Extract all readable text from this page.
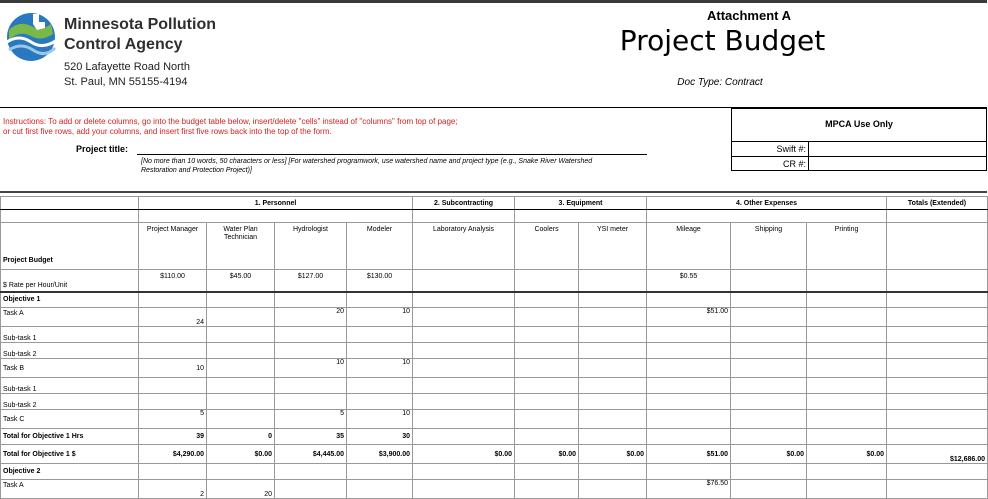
Minnesota Pollution
Control Agency
520 Lafayette Road North
St. Paul, MN 55155-4194
Attachment A
Project Budget
Doc Type: Contract
Instructions: To add or delete columns, go into the budget table below, insert/delete "cells" instead of "columns" from top of page;
or cut first five rows, add your columns, and insert first five rows back into the top of the form.
MPCA Use Only
Swift #:
CR #:
Project title:
[No more than 10 words, 50 characters or less] [For watershed programwork, use watershed name and project type (e.g., Snake River Watershed
Restoration and Protection Project)]
	1. Personnel				2. Subcontracting	3. Equipment		4. Other Expenses			Totals (Extended)

Project Budget	Project Manager	Water Plan Technician	Hydrologist	Modeler	Laboratory Analysis	Coolers	YSI meter	Mileage	Shipping	Printing	
$ Rate per Hour/Unit	$110.00	$45.00	$127.00	$130.00				$0.55			
Objective 1											
Task A	24		20	10				$51.00			
Sub-task 1											
Sub-task 2											
Task B	10		10	10							
Sub-task 1											
Sub-task 2											
Task C	5		5	10							
Total for Objective 1 Hrs	39	0	35	30							
Total for Objective 1 $	$4,290.00	$0.00	$4,445.00	$3,900.00	$0.00	$0.00	$0.00	$51.00	$0.00	$0.00	$12,686.00
Objective 2											
Task A	2	20						$76.50			
